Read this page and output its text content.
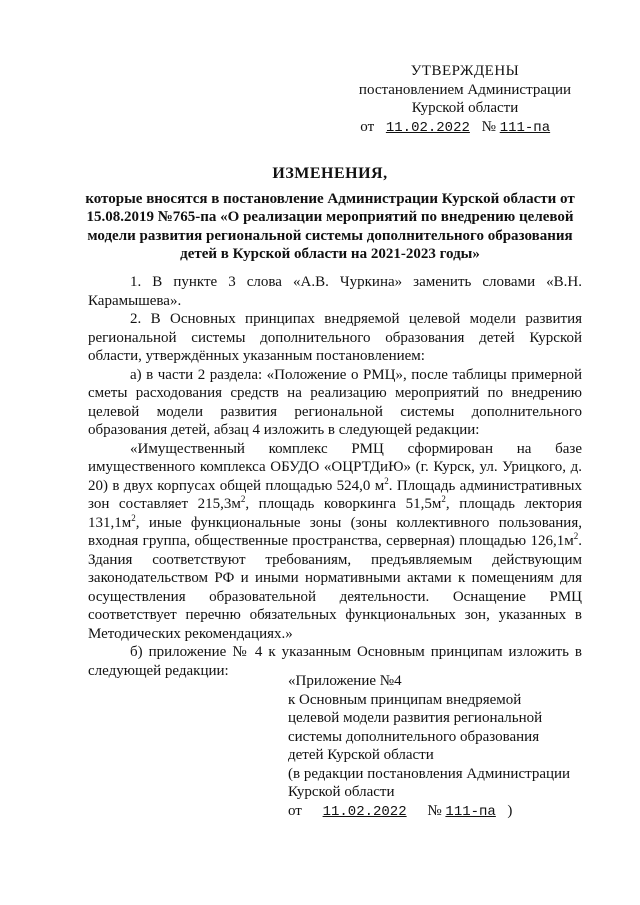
УТВЕРЖДЕНЫ
постановлением Администрации
Курской области
от 11.02.2022 № 111-па
ИЗМЕНЕНИЯ,
которые вносятся в постановление Администрации Курской области от 15.08.2019 №765-па «О реализации мероприятий по внедрению целевой модели развития региональной системы дополнительного образования детей в Курской области на 2021-2023 годы»

1. В пункте 3 слова «А.В. Чуркина» заменить словами «В.Н. Карамышева».

2. В Основных принципах внедряемой целевой модели развития региональной системы дополнительного образования детей Курской области, утверждённых указанным постановлением:

а) в части 2 раздела: «Положение о РМЦ», после таблицы примерной сметы расходования средств на реализацию мероприятий по внедрению целевой модели развития региональной системы дополнительного образования детей, абзац 4 изложить в следующей редакции:

«Имущественный комплекс РМЦ сформирован на базе имущественного комплекса ОБУДО «ОЦРТДиЮ» (г. Курск, ул. Урицкого, д. 20) в двух корпусах общей площадью 524,0 $м^2$. Площадь административных зон составляет $215,3м^2$, площадь коворкинга $51,5м^2$, площадь лектория $131,1м^2$, иные функциональные зоны (зоны коллективного пользования, входная группа, общественные пространства, серверная) площадью $126,1м^2$. Здания соответствуют требованиям, предъявляемым действующим законодательством РФ и иными нормативными актами к помещениям для осуществления образовательной деятельности. Оснащение РМЦ соответствует перечню обязательных функциональных зон, указанных в Методических рекомендациях.»

б) приложение № 4 к указанным Основным принципам изложить в следующей редакции:

«Приложение №4
к Основным принципам внедряемой
целевой модели развития региональной
системы дополнительного образования
детей Курской области
(в редакции постановления Администрации
Курской области
от 11.02.2022 № 111-па )
